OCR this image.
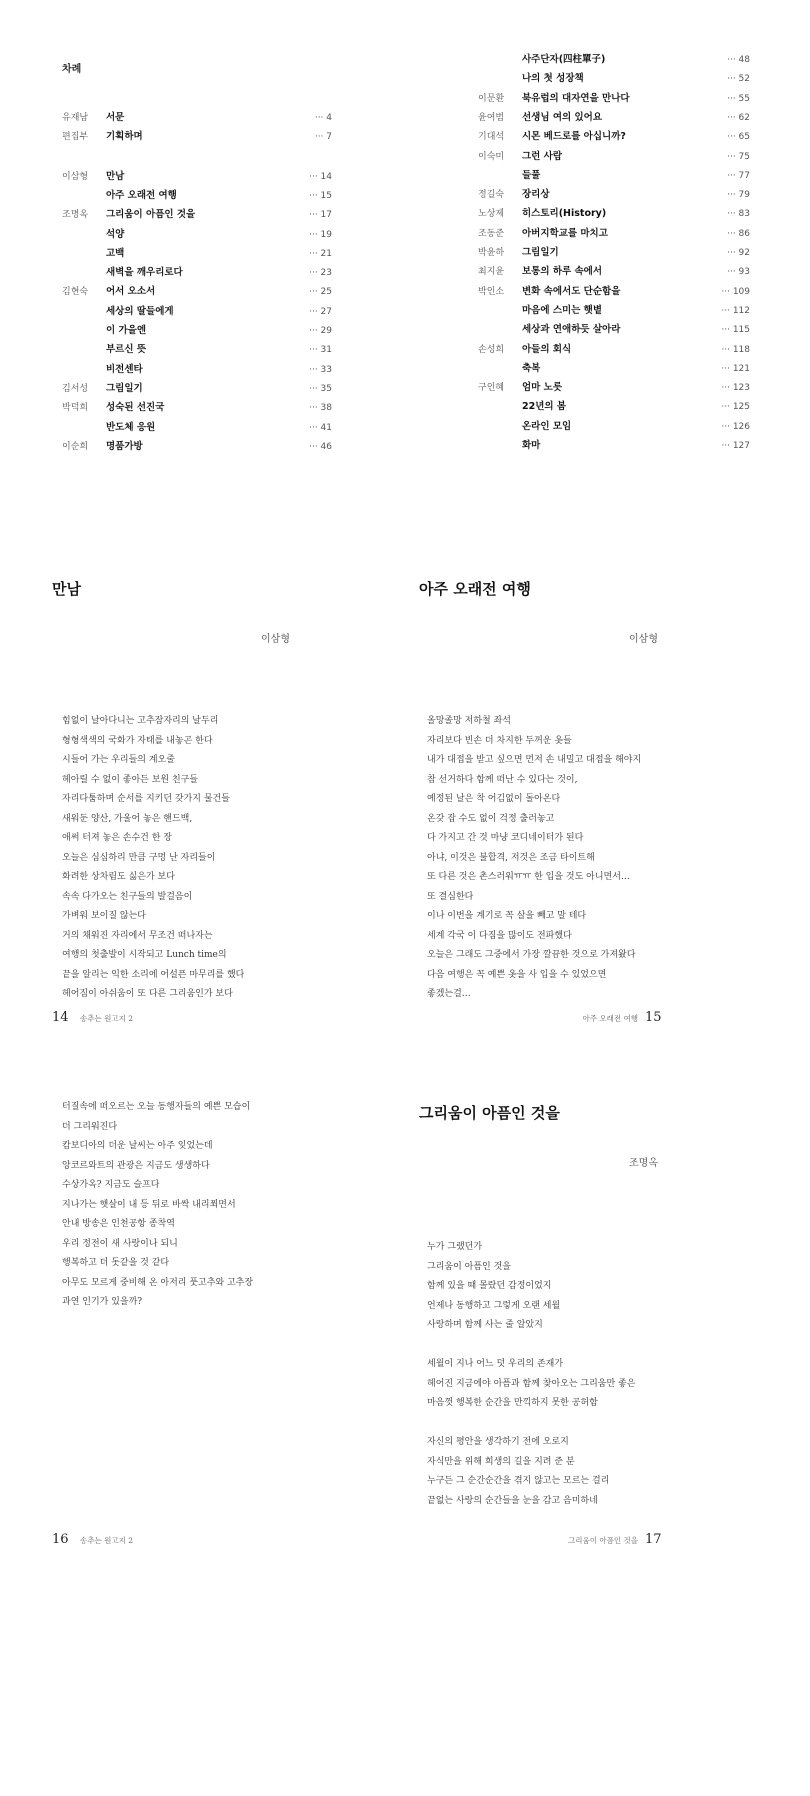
차례
유재남	서문	··· 4
편집부	기획하며	··· 7
이삼형	만남	··· 14
아주 오래전 여행	··· 15
조명옥	그리움이 아픔인 것을	··· 17
석양	··· 19
고백	··· 21
새벽을 깨우리로다	··· 23
김현숙	어서 오소서	··· 25
세상의 딸들에게	··· 27
이 가을엔	··· 29
부르신 뜻	··· 31
비전센타	··· 33
김서성	그림일기	··· 35
박덕희	성숙된 선진국	··· 38
반도체 응원	··· 41
이순희	명품가방	··· 46
사주단자(四柱單子)	··· 48
나의 첫 성장책	··· 52
이문환	북유럽의 대자연을 만나다	··· 55
윤여범	선생님 여의 있어요	··· 62
기대석	시몬 베드로를 아십니까?	··· 65
이숙미	그런 사람	··· 75
들풀	··· 77
정길숙	장리상	··· 79
노상제	히스토리(History)	··· 83
조동준	아버지학교를 마치고	··· 86
박윤하	그림일기	··· 92
최지윤	보통의 하루 속에서	··· 93
박인소	변화 속에서도 단순함을	··· 109
마음에 스미는 햇볕	··· 112
세상과 연애하듯 살아라	··· 115
손성희	아들의 회식	··· 118
축복	··· 121
구인혜	엄마 노릇	··· 123
22년의 봄	··· 125
온라인 모임	··· 126
화마	··· 127
만남
이삼형
힘없이 날아다니는 고추잠자리의 날두리
형형색색의 국화가 자태를 내놓곤 한다
시들어 가는 우리들의 계오줄
헤아릴 수 없이 좋아든 보원 친구들
자리다툼하며 순서를 지키던 갖가지 물건들
새워둔 양산, 가울어 놓은 핸드백,
애써 터져 놓은 손수건 한 장
오늘은 심심하리 만큼 구멍 난 자리들이
화려한 상차림도 싫은가 보다
속속 다가오는 친구들의 발걸음이
가벼워 보이질 않는다
거의 채워진 자리에서 무조건 떠나자는
여행의 첫출발이 시작되고 Lunch time의
끝을 알리는 익한 소리에 어설픈 마무리를 했다
헤어짐이 아쉬움이 또 다른 그리움인가 보다
14 송추는 원고지 2
아주 오래전 여행
이삼형
올망졸망 저하철 좌석
자리보다 빈손 더 차지한 두꺼운 옷들
내가 대접을 받고 싶으면 먼저 손 내밀고 대접을 해야지
참 선거하다 함께 떠난 수 있다는 것이,
예정된 날은 착 어김없이 돌아온다
온갖 잡 수도 없이 걱정 출러놓고
다 가지고 간 것 마냥 코디네이터가 된다
아냐, 이것은 불합격, 저것은 조금 타이트해
또 다른 것은 촌스러워ㅠㅠ 한 입을 것도 아니면서…
또 결심한다
이나 이번을 계기로 꼭 살을 빼고 말 테다
세계 각국 이 다짐을 많이도 전파했다
오늘은 그래도 그중에서 가장 깔끔한 것으로 가져왔다
다음 여행은 꼭 예쁜 옷을 사 입을 수 있었으면
좋겠는걸…
아주 오래전 여행 15
터질속에 떠오르는 오늘 동행자들의 예쁜 모습이
더 그리워진다
캄보디아의 더운 날씨는 아주 잊었는데
앙코르와트의 관광은 지금도 생생하다
수상가옥? 지금도 슬프다
지나가는 햇살이 내 등 뒤로 바싹 내리쬐면서
안내 방송은 인천공항 종착역
우리 정전이 새 사랑이나 되니
행복하고 더 돗같을 것 같다
아무도 모르게 중비해 온 아저리 풋고추와 고추장
과연 인기가 있을까?
16 송추는 원고지 2
그리움이 아픔인 것을
조명옥
누가 그랬던가
그리움이 아픔인 것을
함께 있을 때 몰랐던 감정이었지
언제나 동행하고 그렇게 오랜 세월
사랑하며 함께 사는 줄 알았지
세월이 지나 어느 덧 우리의 존재가
헤어진 지금에야 아픔과 함께 찾아오는 그리움만 좋은
마음껏 행복한 순간을 만끽하지 못한 공허함
자신의 평안을 생각하기 전에 오로지
자식만을 위해 희생의 길을 지려 준 분
누구든 그 순간순간을 겪지 않고는 모르는 걸리
끝없는 사랑의 순간들을 눈을 감고 음미하네
그리움이 아픔인 것을 17
